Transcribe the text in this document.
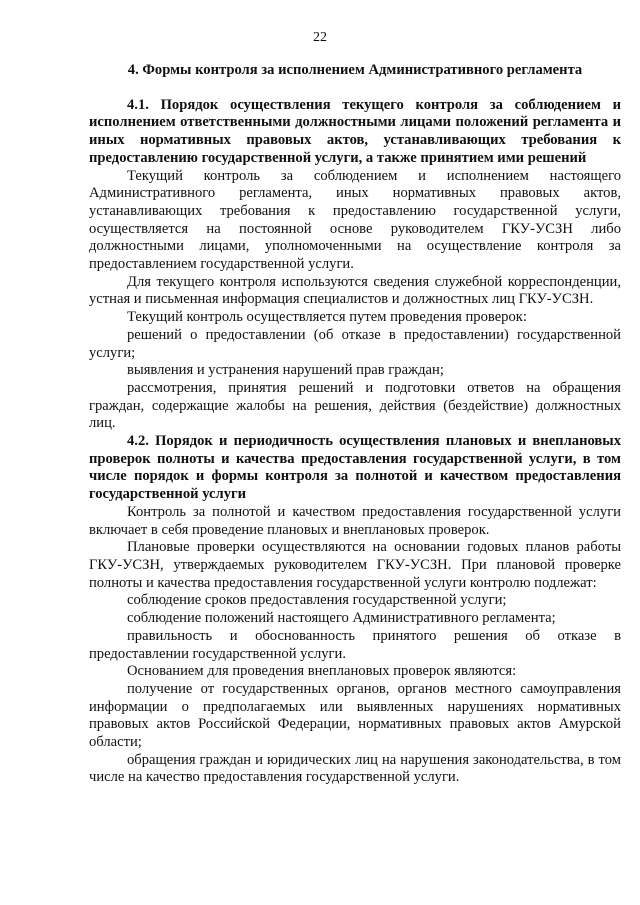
22
4. Формы контроля за исполнением Административного регламента

4.1. Порядок осуществления текущего контроля за соблюдением и исполнением ответственными должностными лицами положений регламента и иных нормативных правовых актов, устанавливающих требования к предоставлению государственной услуги, а также принятием ими решений

Текущий контроль за соблюдением и исполнением настоящего Административного регламента, иных нормативных правовых актов, устанавливающих требования к предоставлению государственной услуги, осуществляется на постоянной основе руководителем ГКУ-УСЗН либо должностными лицами, уполномоченными на осуществление контроля за предоставлением государственной услуги.

Для текущего контроля используются сведения служебной корреспонденции, устная и письменная информация специалистов и должностных лиц ГКУ-УСЗН.

Текущий контроль осуществляется путем проведения проверок:

решений о предоставлении (об отказе в предоставлении) государственной услуги;

выявления и устранения нарушений прав граждан;

рассмотрения, принятия решений и подготовки ответов на обращения граждан, содержащие жалобы на решения, действия (бездействие) должностных лиц.

4.2. Порядок и периодичность осуществления плановых и внеплановых проверок полноты и качества предоставления государственной услуги, в том числе порядок и формы контроля за полнотой и качеством предоставления государственной услуги

Контроль за полнотой и качеством предоставления государственной услуги включает в себя проведение плановых и внеплановых проверок.

Плановые проверки осуществляются на основании годовых планов работы ГКУ-УСЗН, утверждаемых руководителем ГКУ-УСЗН. При плановой проверке полноты и качества предоставления государственной услуги контролю подлежат:

соблюдение сроков предоставления государственной услуги;

соблюдение положений настоящего Административного регламента;

правильность и обоснованность принятого решения об отказе в предоставлении государственной услуги.

Основанием для проведения внеплановых проверок являются:

получение от государственных органов, органов местного самоуправления информации о предполагаемых или выявленных нарушениях нормативных правовых актов Российской Федерации, нормативных правовых актов Амурской области;

обращения граждан и юридических лиц на нарушения законодательства, в том числе на качество предоставления государственной услуги.
